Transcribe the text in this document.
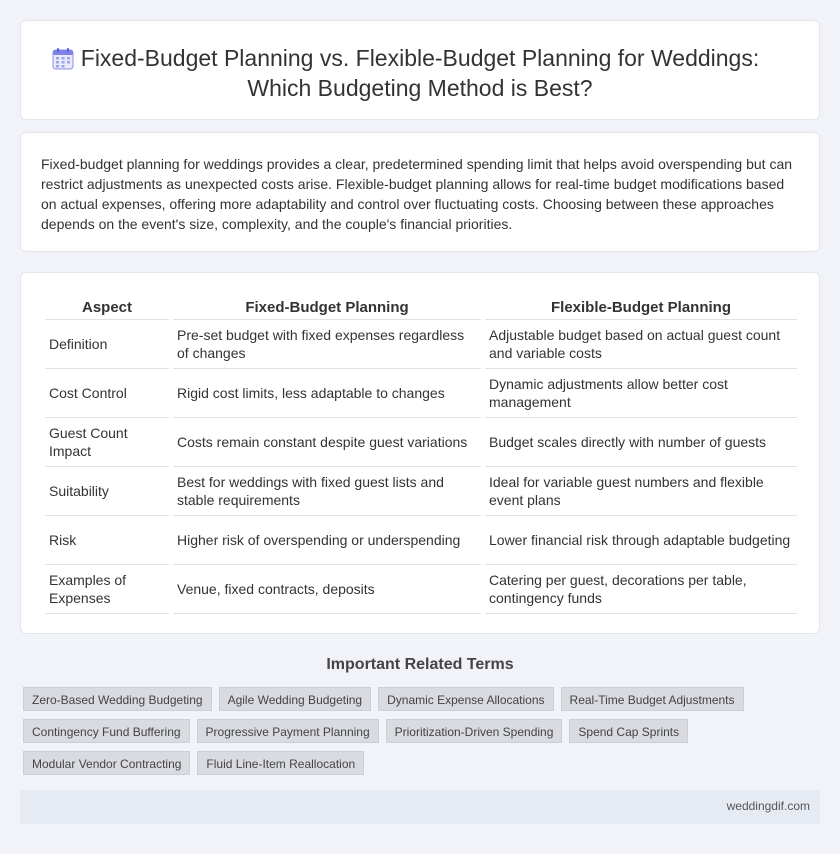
Fixed-Budget Planning vs. Flexible-Budget Planning for Weddings: Which Budgeting Method is Best?

Fixed-budget planning for weddings provides a clear, predetermined spending limit that helps avoid overspending but can restrict adjustments as unexpected costs arise. Flexible-budget planning allows for real-time budget modifications based on actual expenses, offering more adaptability and control over fluctuating costs. Choosing between these approaches depends on the event's size, complexity, and the couple's financial priorities.

Aspect	Fixed-Budget Planning	Flexible-Budget Planning
Definition	Pre-set budget with fixed expenses regardless of changes	Adjustable budget based on actual guest count and variable costs
Cost Control	Rigid cost limits, less adaptable to changes	Dynamic adjustments allow better cost management
Guest Count Impact	Costs remain constant despite guest variations	Budget scales directly with number of guests
Suitability	Best for weddings with fixed guest lists and stable requirements	Ideal for variable guest numbers and flexible event plans
Risk	Higher risk of overspending or underspending	Lower financial risk through adaptable budgeting
Examples of Expenses	Venue, fixed contracts, deposits	Catering per guest, decorations per table, contingency funds
Important Related Terms
Zero-Based Wedding Budgeting	Agile Wedding Budgeting	Dynamic Expense Allocations	Real-Time Budget Adjustments
Contingency Fund Buffering	Progressive Payment Planning	Prioritization-Driven Spending	Spend Cap Sprints
Modular Vendor Contracting	Fluid Line-Item Reallocation
weddingdif.com
